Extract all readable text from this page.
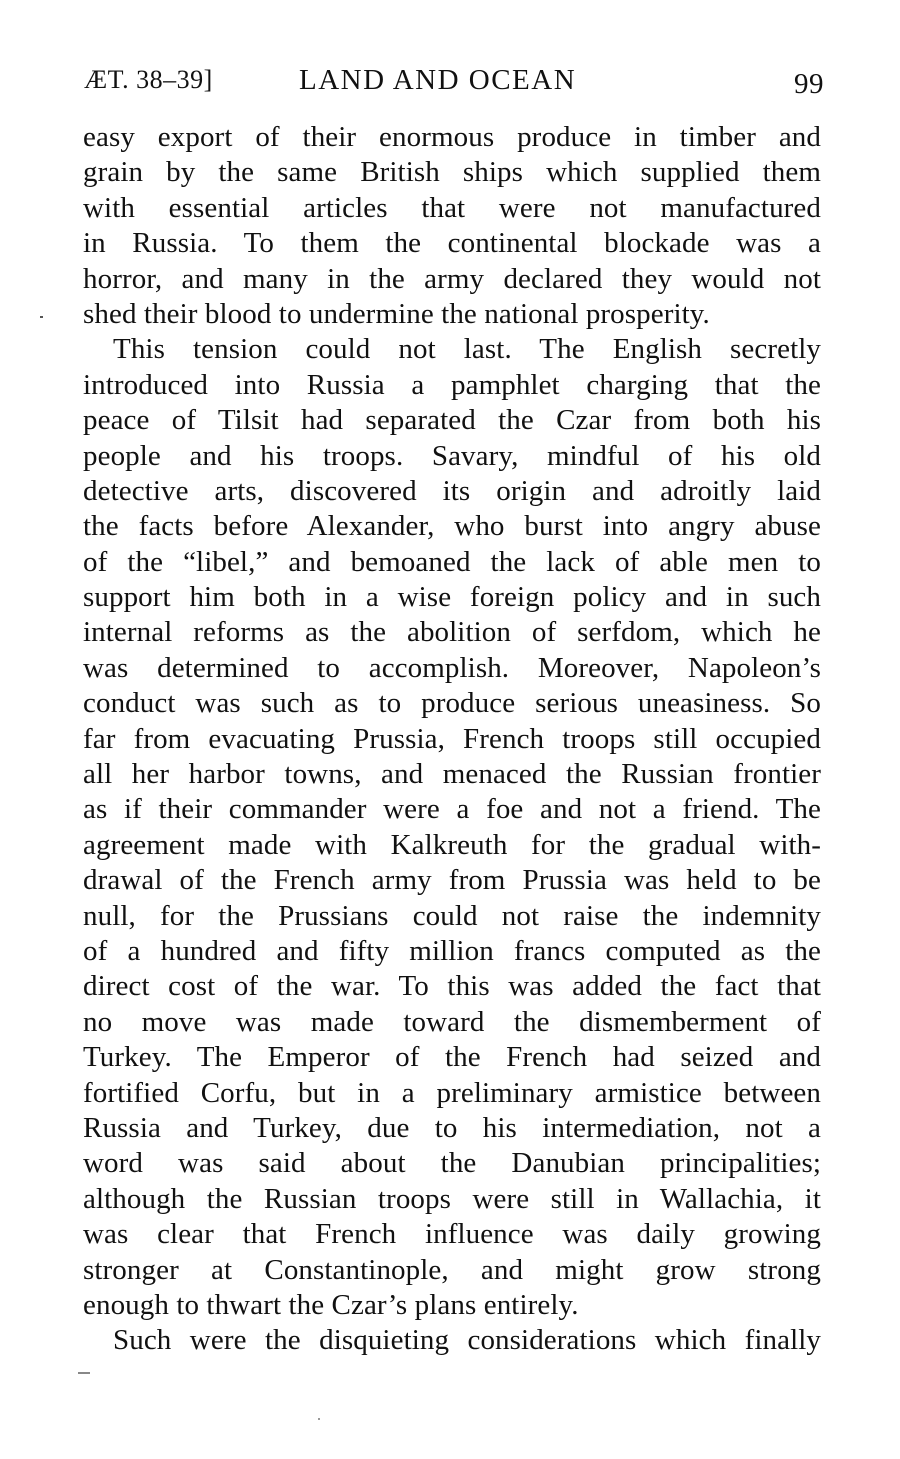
ÆT. 38–39]	LAND AND OCEAN	99
easy export of their enormous produce in timber and
grain by the same British ships which supplied them
with essential articles that were not manufactured
in Russia. To them the continental blockade was a
horror, and many in the army declared they would not
shed their blood to undermine the national prosperity.
This tension could not last. The English secretly
introduced into Russia a pamphlet charging that the
peace of Tilsit had separated the Czar from both his
people and his troops. Savary, mindful of his old
detective arts, discovered its origin and adroitly laid
the facts before Alexander, who burst into angry abuse
of the “libel,” and bemoaned the lack of able men to
support him both in a wise foreign policy and in such
internal reforms as the abolition of serfdom, which he
was determined to accomplish. Moreover, Napoleon’s
conduct was such as to produce serious uneasiness. So
far from evacuating Prussia, French troops still occupied
all her harbor towns, and menaced the Russian frontier
as if their commander were a foe and not a friend. The
agreement made with Kalkreuth for the gradual with-
drawal of the French army from Prussia was held to be
null, for the Prussians could not raise the indemnity
of a hundred and fifty million francs computed as the
direct cost of the war. To this was added the fact that
no move was made toward the dismemberment of
Turkey. The Emperor of the French had seized and
fortified Corfu, but in a preliminary armistice between
Russia and Turkey, due to his intermediation, not a
word was said about the Danubian principalities;
although the Russian troops were still in Wallachia, it
was clear that French influence was daily growing
stronger at Constantinople, and might grow strong
enough to thwart the Czar’s plans entirely.
Such were the disquieting considerations which finally
